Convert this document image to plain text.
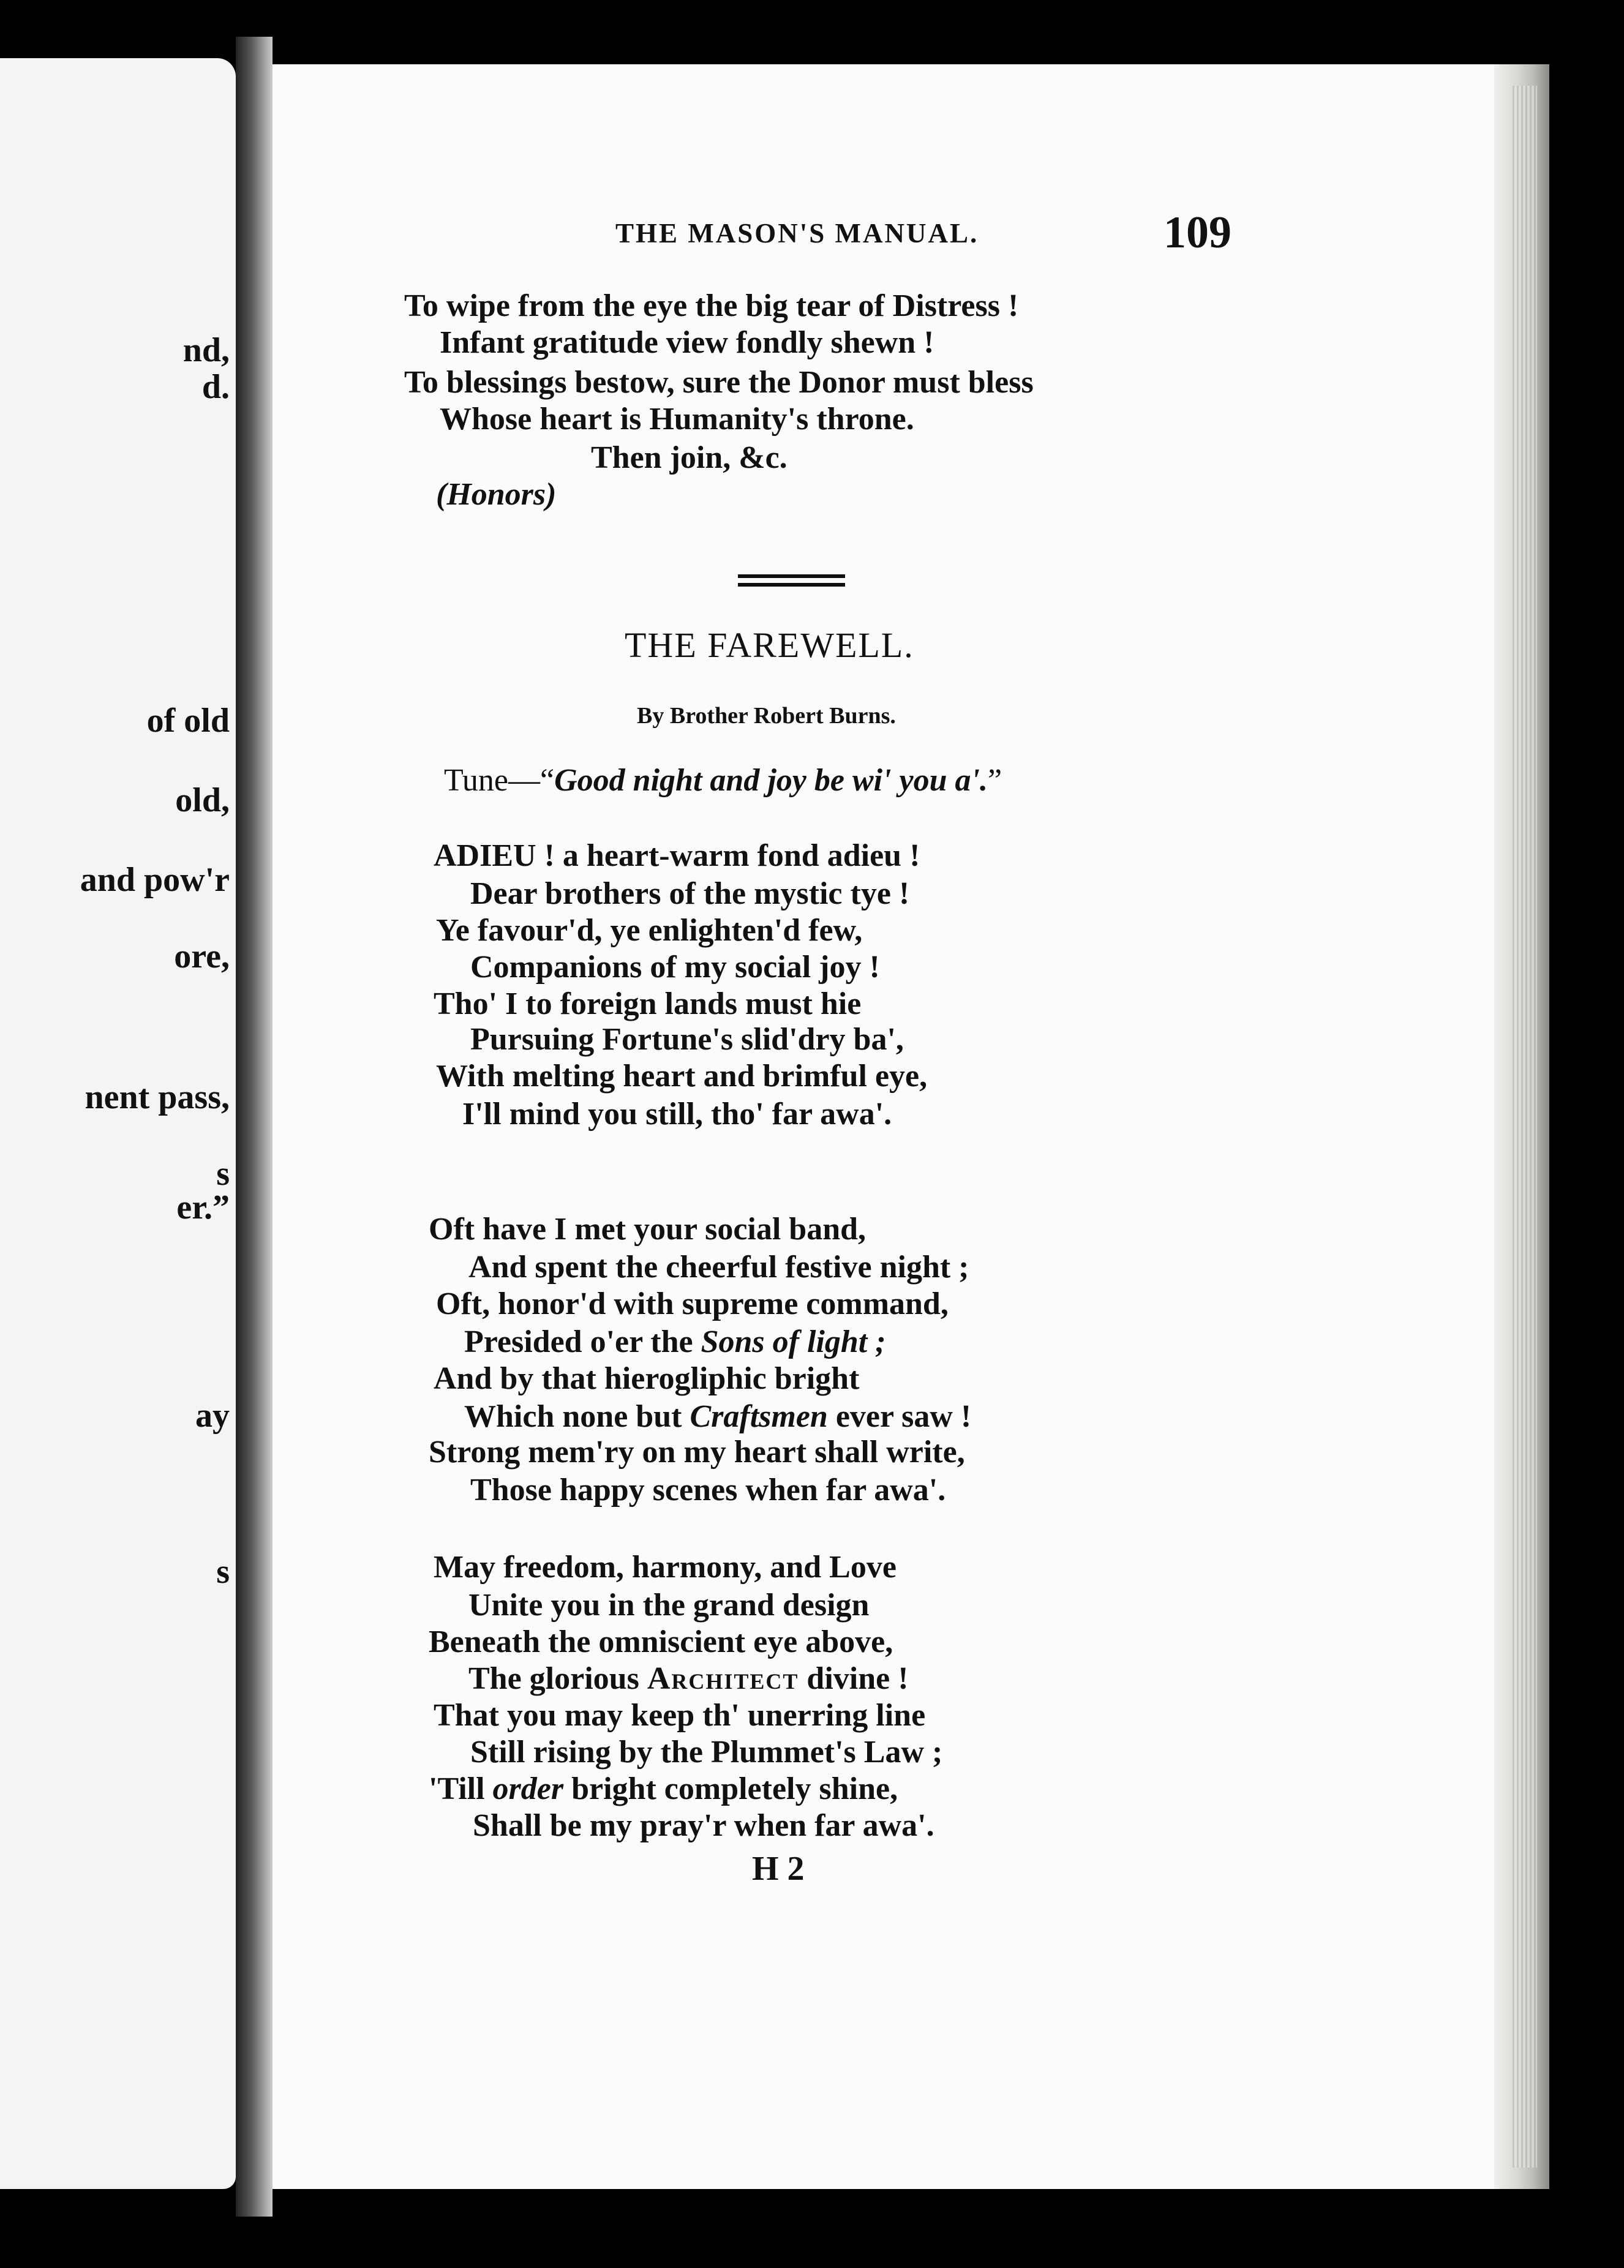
nd,
d.
of old
old,
and pow'r
ore,
nent pass,
s
er.”
ay
s
THE MASON'S MANUAL.	109
To wipe from the eye the big tear of Distress !
Infant gratitude view fondly shewn !
To blessings bestow, sure the Donor must bless
Whose heart is Humanity's throne.
Then join, &c.
(Honors)
THE FAREWELL.
By Brother Robert Burns.
Tune—“Good night and joy be wi' you a'.”
ADIEU ! a heart-warm fond adieu !
Dear brothers of the mystic tye !
Ye favour'd, ye enlighten'd few,
Companions of my social joy !
Tho' I to foreign lands must hie
Pursuing Fortune's slid'dry ba',
With melting heart and brimful eye,
I'll mind you still, tho' far awa'.
Oft have I met your social band,
And spent the cheerful festive night ;
Oft, honor'd with supreme command,
Presided o'er the Sons of light ;
And by that hierogliphic bright
Which none but Craftsmen ever saw !
Strong mem'ry on my heart shall write,
Those happy scenes when far awa'.
May freedom, harmony, and Love
Unite you in the grand design
Beneath the omniscient eye above,
The glorious Architect divine !
That you may keep th' unerring line
Still rising by the Plummet's Law ;
'Till order bright completely shine,
Shall be my pray'r when far awa'.
H 2
